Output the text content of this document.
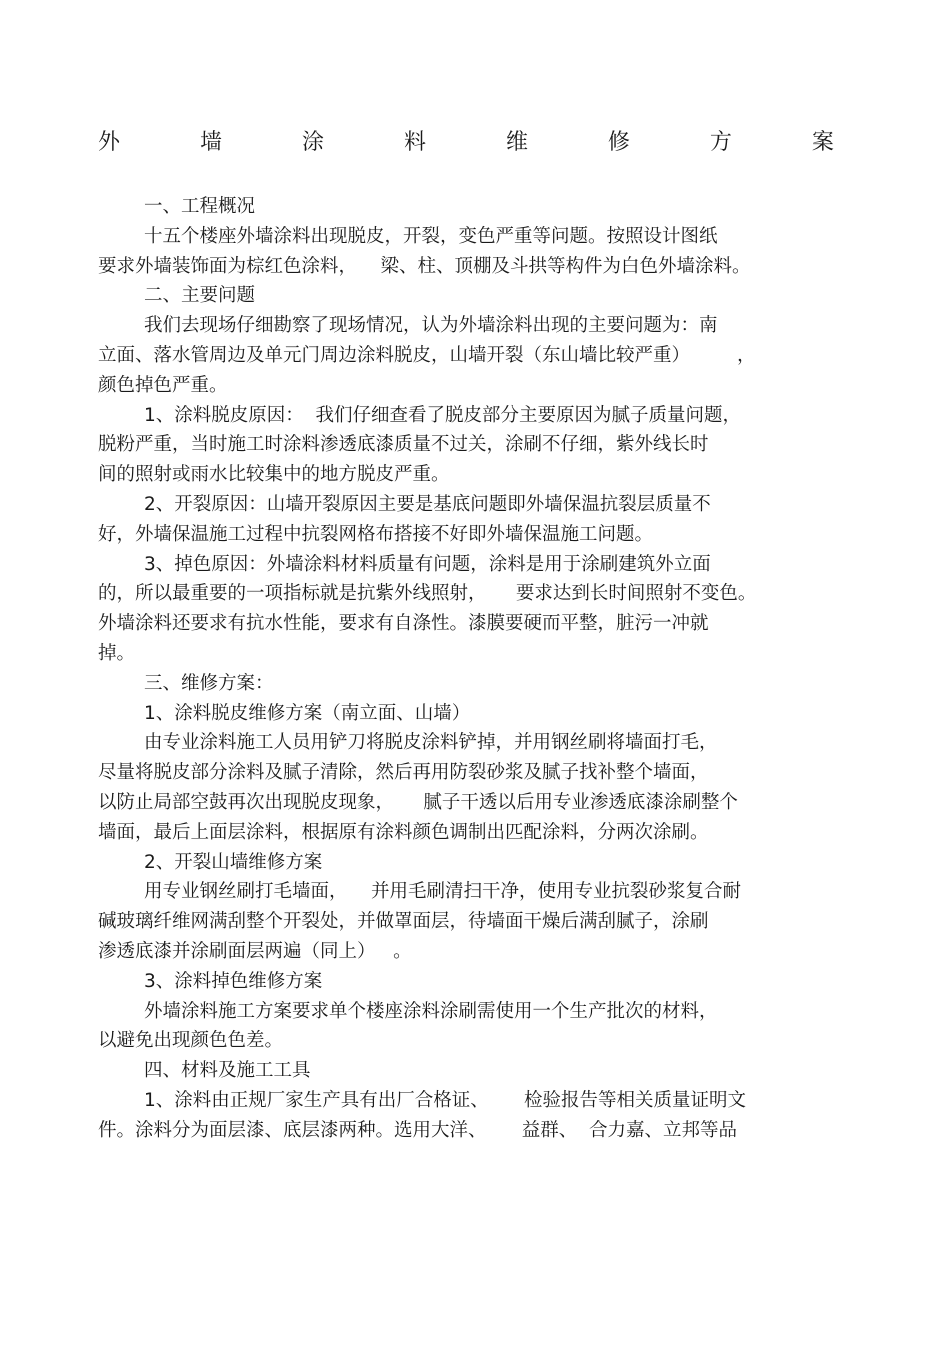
外	墙	涂	料	维	修	方	案
一、工程概况
十五个楼座外墙涂料出现脱皮，开裂，变色严重等问题。按照设计图纸
要求外墙装饰面为棕红色涂料，    梁、柱、顶棚及斗拱等构件为白色外墙涂料。
二、主要问题
我们去现场仔细勘察了现场情况，认为外墙涂料出现的主要问题为：南
立面、落水管周边及单元门周边涂料脱皮，山墙开裂（东山墙比较严重）        ，
颜色掉色严重。
1、涂料脱皮原因：  我们仔细查看了脱皮部分主要原因为腻子质量问题，
脱粉严重，当时施工时涂料渗透底漆质量不过关，涂刷不仔细，紫外线长时
间的照射或雨水比较集中的地方脱皮严重。
2、开裂原因：山墙开裂原因主要是基底问题即外墙保温抗裂层质量不
好，外墙保温施工过程中抗裂网格布搭接不好即外墙保温施工问题。
3、掉色原因：外墙涂料材料质量有问题，涂料是用于涂刷建筑外立面
的，所以最重要的一项指标就是抗紫外线照射，     要求达到长时间照射不变色。
外墙涂料还要求有抗水性能，要求有自涤性。漆膜要硬而平整，脏污一冲就
掉。
三、维修方案：
1、涂料脱皮维修方案（南立面、山墙）
由专业涂料施工人员用铲刀将脱皮涂料铲掉，并用钢丝刷将墙面打毛，
尽量将脱皮部分涂料及腻子清除，然后再用防裂砂浆及腻子找补整个墙面，
以防止局部空鼓再次出现脱皮现象，     腻子干透以后用专业渗透底漆涂刷整个
墙面，最后上面层涂料，根据原有涂料颜色调制出匹配涂料，分两次涂刷。
2、开裂山墙维修方案
用专业钢丝刷打毛墙面，    并用毛刷清扫干净，使用专业抗裂砂浆复合耐
碱玻璃纤维网满刮整个开裂处，并做罩面层，待墙面干燥后满刮腻子，涂刷
渗透底漆并涂刷面层两遍（同上）   。
3、涂料掉色维修方案
外墙涂料施工方案要求单个楼座涂料涂刷需使用一个生产批次的材料，
以避免出现颜色色差。
四、材料及施工工具
1、涂料由正规厂家生产具有出厂合格证、      检验报告等相关质量证明文
件。涂料分为面层漆、底层漆两种。选用大洋、      益群、  合力嘉、立邦等品
